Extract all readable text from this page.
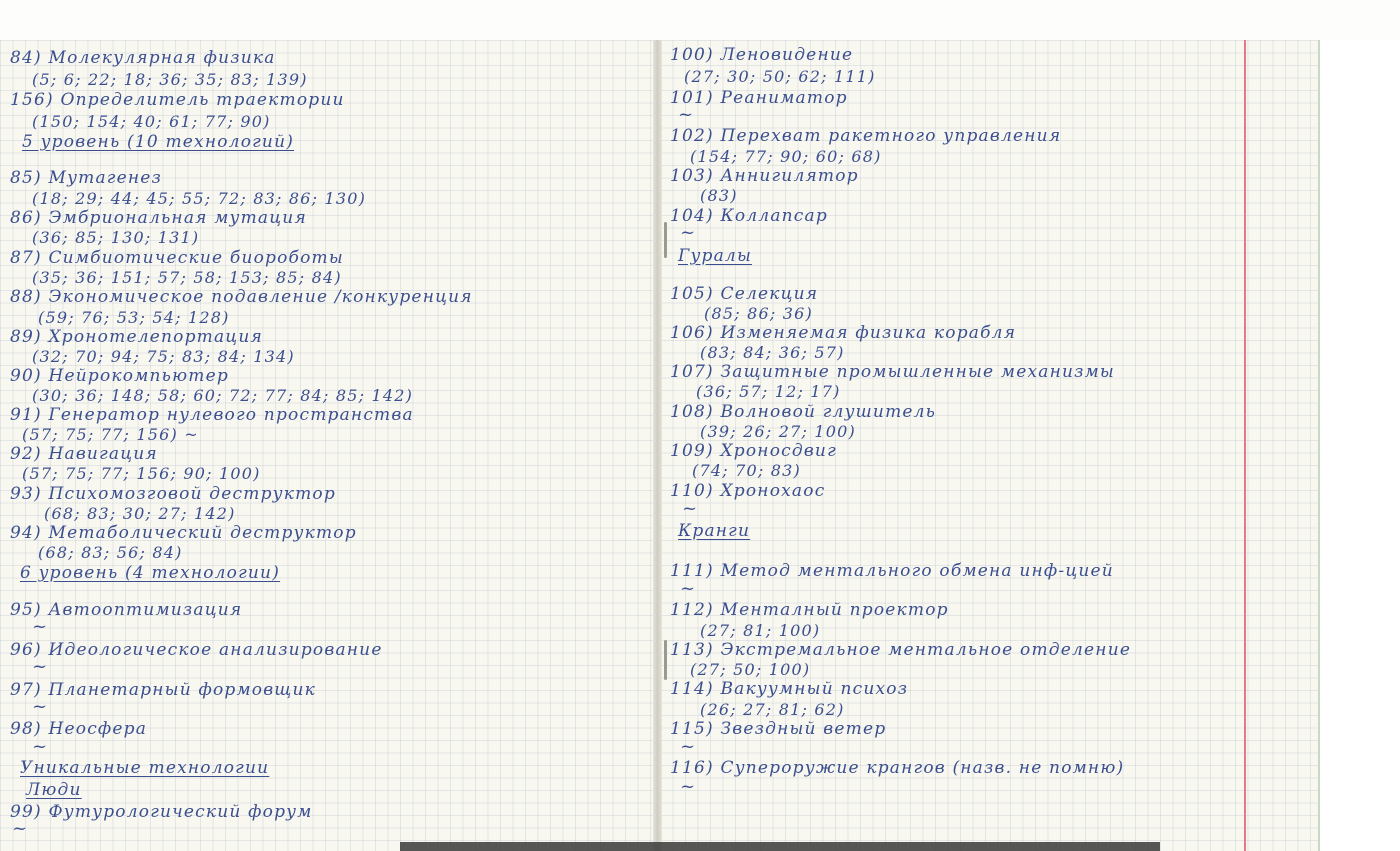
84) Молекулярная физика
(5; 6; 22; 18; 36; 35; 83; 139)
156) Определитель траектории
(150; 154; 40; 61; 77; 90)
5 уровень (10 технологий)
85) Мутагенез
(18; 29; 44; 45; 55; 72; 83; 86; 130)
86) Эмбриональная мутация
(36; 85; 130; 131)
87) Симбиотические биороботы
(35; 36; 151; 57; 58; 153; 85; 84)
88) Экономическое подавление /конкуренция
(59; 76; 53; 54; 128)
89) Хронотелепортация
(32; 70; 94; 75; 83; 84; 134)
90) Нейрокомпьютер
(30; 36; 148; 58; 60; 72; 77; 84; 85; 142)
91) Генератор нулевого пространства
(57; 75; 77; 156) ~
92) Навигация
(57; 75; 77; 156; 90; 100)
93) Психомозговой деструктор
(68; 83; 30; 27; 142)
94) Метаболический деструктор
(68; 83; 56; 84)
6 уровень (4 технологии)
95) Автооптимизация
~
96) Идеологическое анализирование
~
97) Планетарный формовщик
~
98) Неосфера
~
Уникальные технологии
Люди
99) Футурологический форум
~
100) Леновидение
(27; 30; 50; 62; 111)
101) Реаниматор
~
102) Перехват ракетного управления
(154; 77; 90; 60; 68)
103) Аннигилятор
(83)
104) Коллапсар
~
Гуралы
105) Селекция
(85; 86; 36)
106) Изменяемая физика корабля
(83; 84; 36; 57)
107) Защитные промышленные механизмы
(36; 57; 12; 17)
108) Волновой глушитель
(39; 26; 27; 100)
109) Хроносдвиг
(74; 70; 83)
110) Хронохаос
~
Кранги
111) Метод ментального обмена инф-цией
~
112) Менталный проектор
(27; 81; 100)
113) Экстремальное ментальное отделение
(27; 50; 100)
114) Вакуумный психоз
(26; 27; 81; 62)
115) Звездный ветер
~
116) Супероружие крангов (назв. не помню)
~
